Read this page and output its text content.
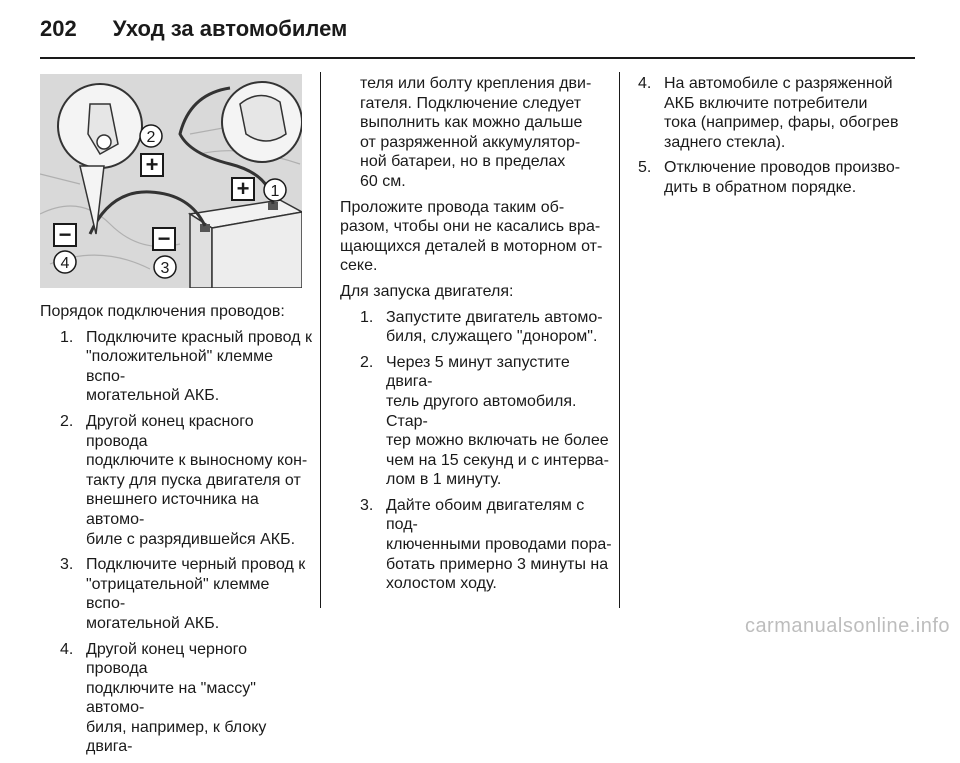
202 Уход за автомобилем
+
+
−	−
2
1
3
4

Порядок подключения проводов:

1. Подключите красный провод к
"положительной" клемме вспо-
могательной АКБ.
2. Другой конец красного провода
подключите к выносному кон-
такту для пуска двигателя от
внешнего источника на автомо-
биле с разрядившейся АКБ.
3. Подключите черный провод к
"отрицательной" клемме вспо-
могательной АКБ.
4. Другой конец черного провода
подключите на "массу" автомо-
биля, например, к блоку двига-
теля или болту крепления дви-
гателя. Подключение следует
выполнить как можно дальше
от разряженной аккумулятор-
ной батареи, но в пределах
60 см.

Проложите провода таким об-
разом, чтобы они не касались вра-
щающихся деталей в моторном от-
секе.

Для запуска двигателя:

1. Запустите двигатель автомо-
биля, служащего "донором".
2. Через 5 минут запустите двига-
тель другого автомобиля. Стар-
тер можно включать не более
чем на 15 секунд и с интерва-
лом в 1 минуту.
3. Дайте обоим двигателям с под-
ключенными проводами пора-
ботать примерно 3 минуты на
холостом ходу.
4. На автомобиле с разряженной
АКБ включите потребители
тока (например, фары, обогрев
заднего стекла).
5. Отключение проводов произво-
дить в обратном порядке.
carmanualsonline.info
